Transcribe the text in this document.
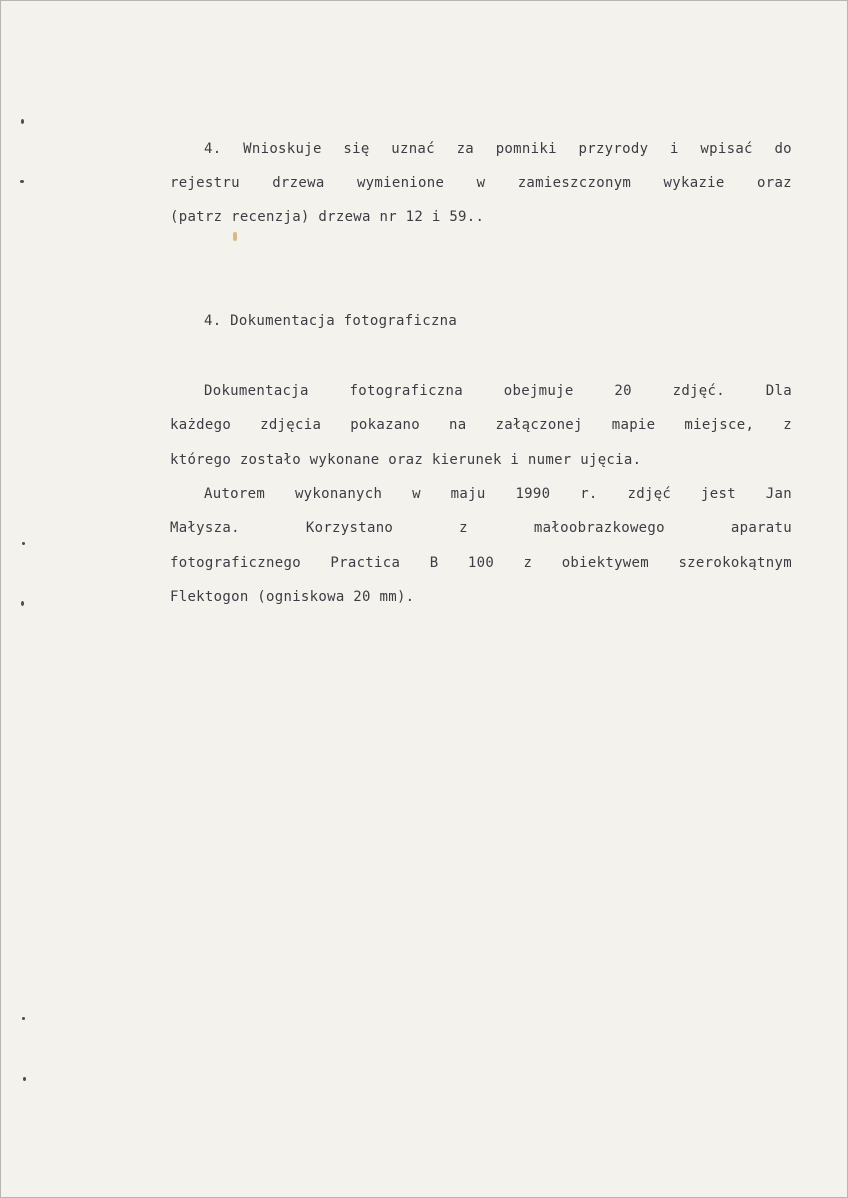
4. Wnioskuje się uznać za pomniki przyrody i wpisać do
rejestru drzewa wymienione w zamieszczonym wykazie oraz
(patrz recenzja) drzewa nr 12 i 59..
4. Dokumentacja fotograficzna
Dokumentacja	fotograficzna	obejmuje	20	zdjęć.	Dla
każdego zdjęcia pokazano na załączonej mapie miejsce, z
którego zostało wykonane oraz kierunek i numer ujęcia.
Autorem wykonanych w maju 1990 r. zdjęć jest Jan
Małysza.	Korzystano	z	małoobrazkowego	aparatu
fotograficznego Practica B 100 z obiektywem szerokokątnym
Flektogon (ogniskowa 20 mm).
